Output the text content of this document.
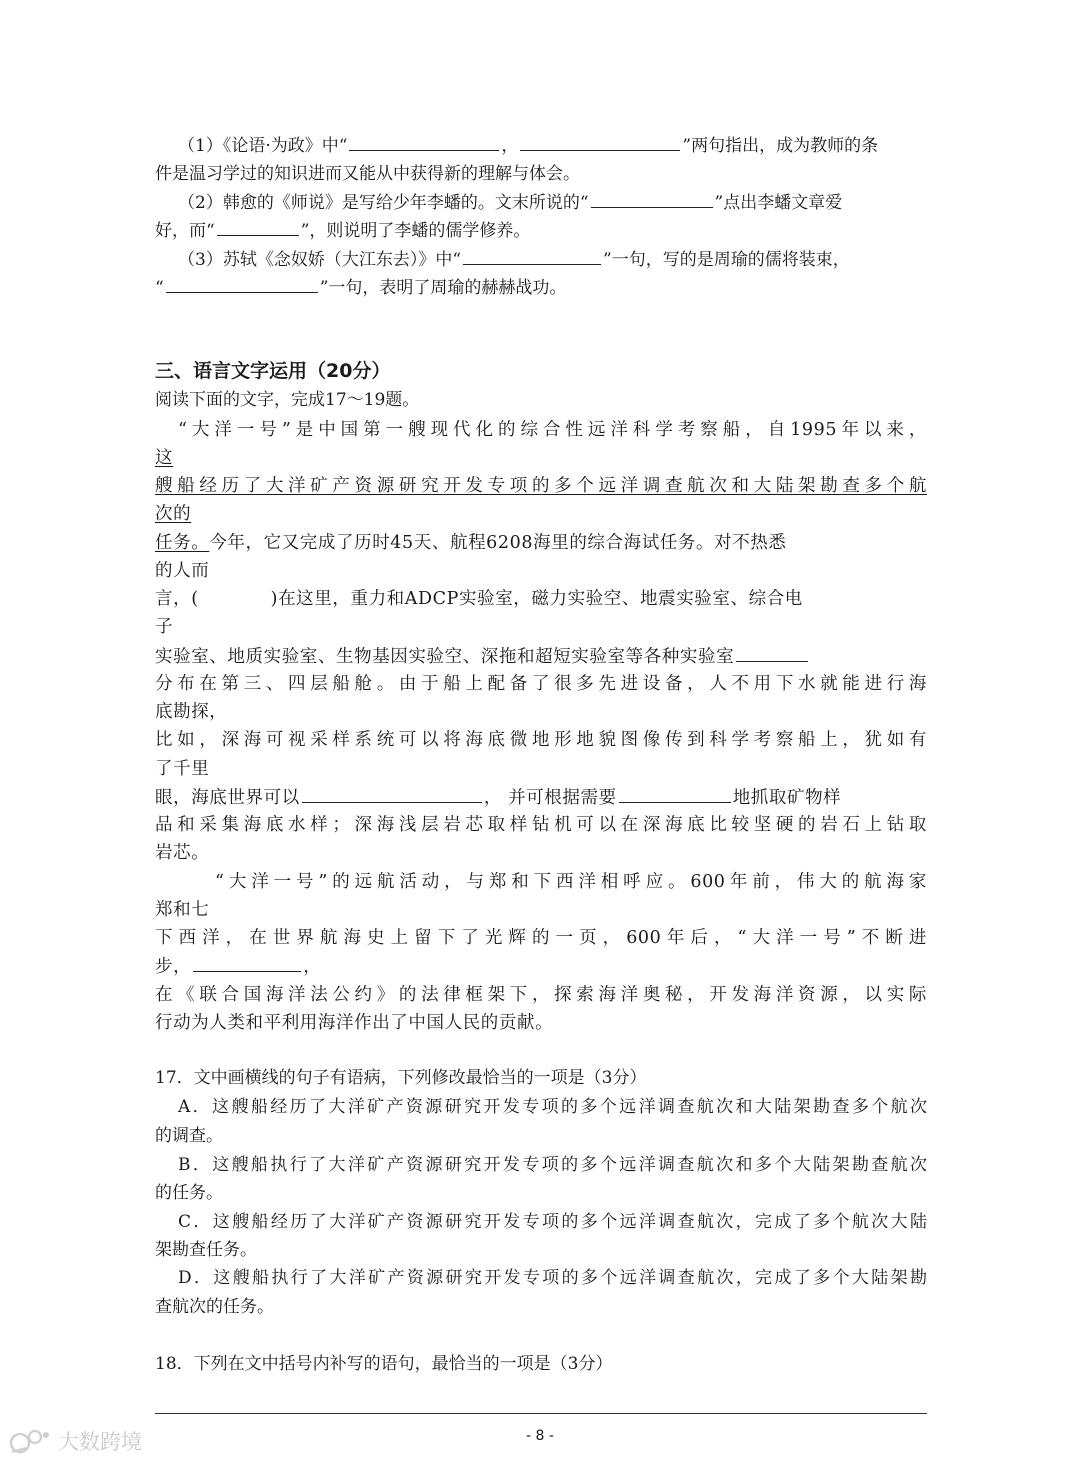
（1）《论语·为政》中“	，	”两句指出，成为教师的条
件是温习学过的知识进而又能从中获得新的理解与体会。
（2）韩愈的《师说》是写给少年李蟠的。文末所说的“	”点出李蟠文章爱
好，而“	”，则说明了李蟠的儒学修养。
（3）苏轼《念奴娇（大江东去）》中“	”一句，写的是周瑜的儒将装束，
“	”一句，表明了周瑜的赫赫战功。
三、语言文字运用（20分）
阅读下面的文字，完成17～19题。
“大洋一号”是中国第一艘现代化的综合性远洋科学考察船，自1995年以来，
这
艘船经历了大洋矿产资源研究开发专项的多个远洋调查航次和大陆架勘查多个航
次的
任务。今年，它又完成了历时45天、航程6208海里的综合海试任务。对不热悉
的人而
言，(	)在这里，重力和ADCP实验室，磁力实验空、地震实验室、综合电
子
实验室、地质实验室、生物基因实验空、深拖和超短实验室等各种实验室
分布在第三、四层船舱。由于船上配备了很多先进设备，人不用下水就能进行海
底勘探，
比如，深海可视采样系统可以将海底微地形地貌图像传到科学考察船上，犹如有
了千里
眼，海底世界可以	， 并可根据需要	地抓取矿物样
品和采集海底水样；深海浅层岩芯取样钻机可以在深海底比较坚硬的岩石上钻取
岩芯。
“大洋一号”的远航活动，与郑和下西洋相呼应。600年前，伟大的航海家
郑和七
下西洋，在世界航海史上留下了光辉的一页，600年后，“大洋一号”不断进
步，	，
在《联合国海洋法公约》的法律框架下，探索海洋奥秘，开发海洋资源，以实际
行动为人类和平利用海洋作出了中国人民的贡献。
17．文中画横线的句子有语病，下列修改最恰当的一项是（3分）
A．这艘船经历了大洋矿产资源研究开发专项的多个远洋调查航次和大陆架勘查多个航次
的调查。
B．这艘船执行了大洋矿产资源研究开发专项的多个远洋调查航次和多个大陆架勘查航次
的任务。
C．这艘船经历了大洋矿产资源研究开发专项的多个远洋调查航次，完成了多个航次大陆
架勘查任务。
D．这艘船执行了大洋矿产资源研究开发专项的多个远洋调查航次，完成了多个大陆架勘
查航次的任务。
18．下列在文中括号内补写的语句，最恰当的一项是（3分）
- 8 -
大数跨境
